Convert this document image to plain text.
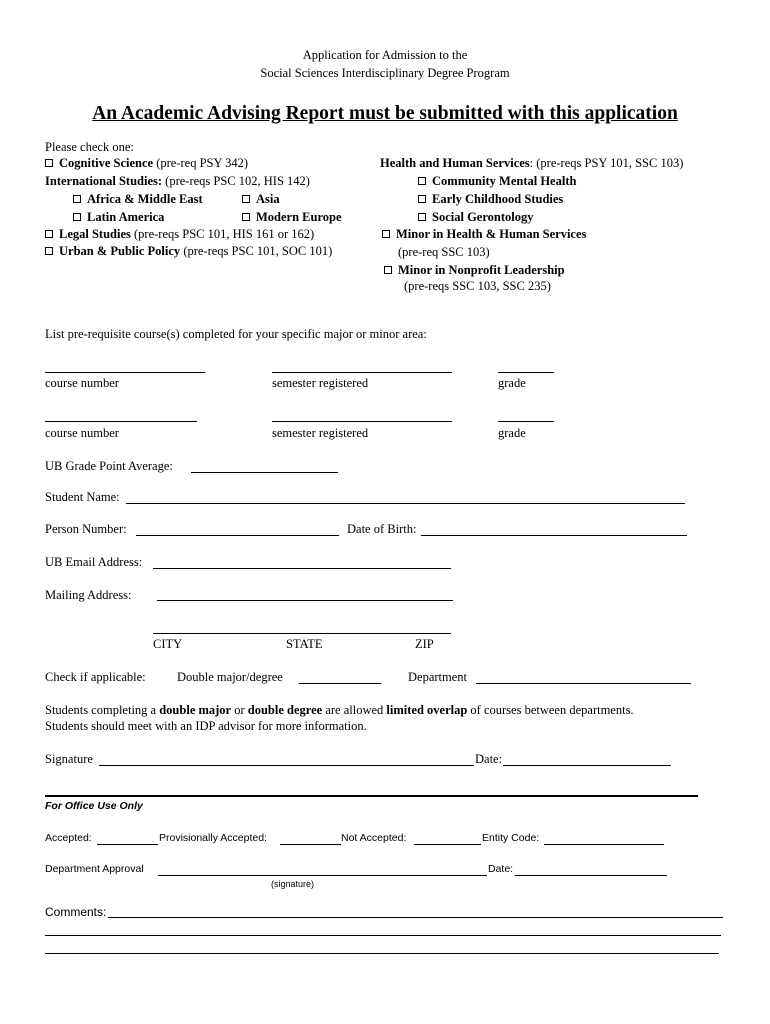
Application for Admission to the
Social Sciences Interdisciplinary Degree Program
An Academic Advising Report must be submitted with this application
Please check one:
Cognitive Science (pre-req PSY 342)
International Studies: (pre-reqs PSC 102, HIS 142)
Africa & Middle East	Asia
Latin America	Modern Europe
Legal Studies (pre-reqs PSC 101, HIS 161 or 162)
Urban & Public Policy (pre-reqs PSC 101, SOC 101)
Health and Human Services: (pre-reqs PSY 101, SSC 103)
Community Mental Health
Early Childhood Studies
Social Gerontology
Minor in Health & Human Services
(pre-req SSC 103)
Minor in Nonprofit Leadership
(pre-reqs SSC 103, SSC 235)
List pre-requisite course(s) completed for your specific major or minor area:
course number	semester registered	grade
course number	semester registered	grade
UB Grade Point Average:
Student Name:
Person Number:	Date of Birth:
UB Email Address:
Mailing Address:
CITY	STATE	ZIP
Check if applicable:	Double major/degree	Department
Students completing a double major or double degree are allowed limited overlap of courses between departments.
Students should meet with an IDP advisor for more information.
Signature	Date:
For Office Use Only
Accepted:	Provisionally Accepted:	Not Accepted:	Entity Code:
Department Approval	Date:
(signature)
Comments:
